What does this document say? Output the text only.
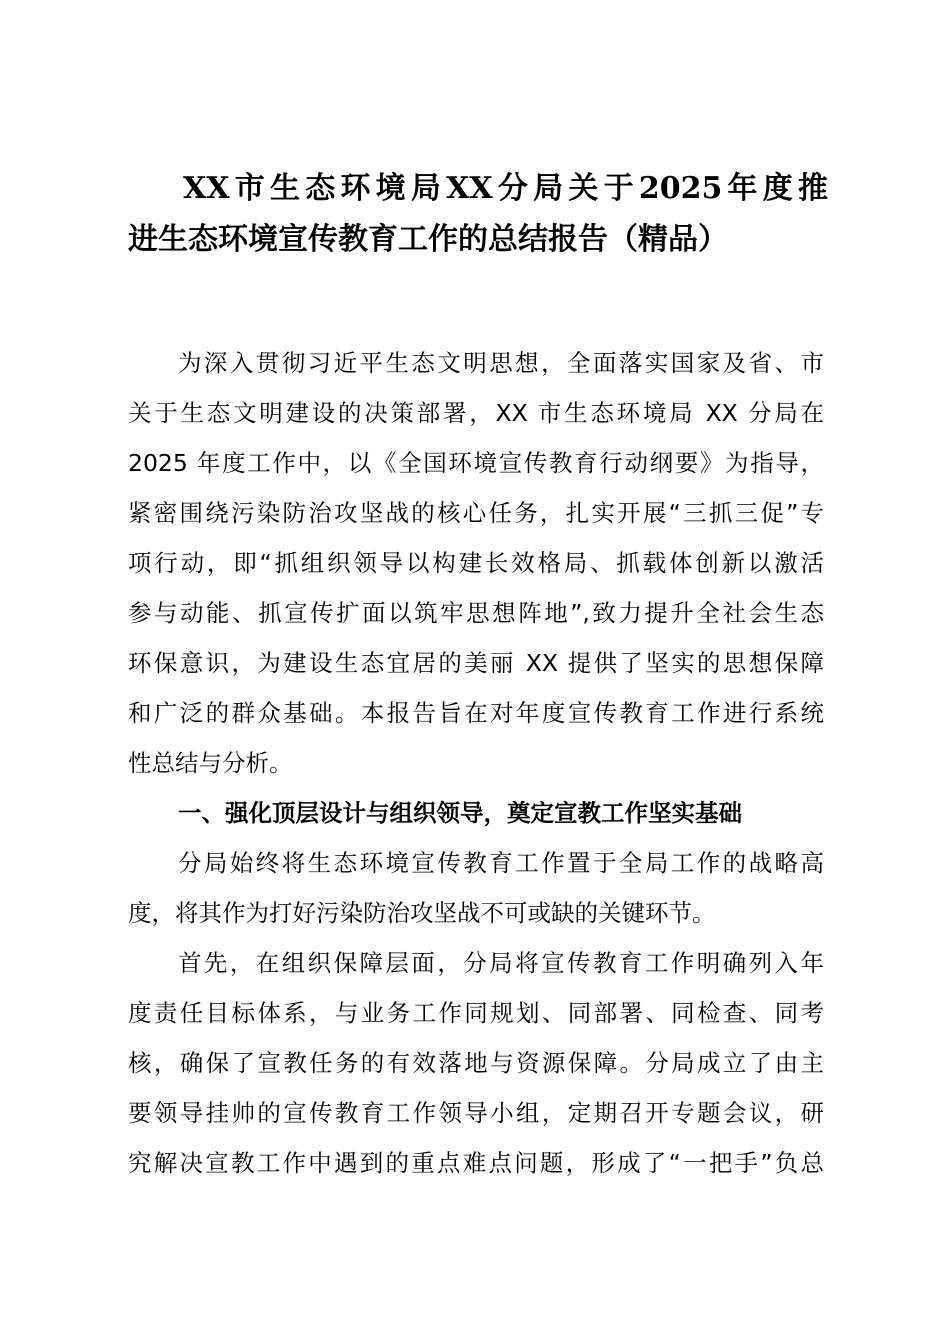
XX市生态环境局XX分局关于2025年度推
进生态环境宣传教育工作的总结报告（精品）
为深入贯彻习近平生态文明思想，全面落实国家及省、市
关于生态文明建设的决策部署，XX 市生态环境局 XX 分局在
2025 年度工作中，以《全国环境宣传教育行动纲要》为指导，
紧密围绕污染防治攻坚战的核心任务，扎实开展“三抓三促”专
项行动，即“抓组织领导以构建长效格局、抓载体创新以激活
参与动能、抓宣传扩面以筑牢思想阵地”,致力提升全社会生态
环保意识，为建设生态宜居的美丽 XX 提供了坚实的思想保障
和广泛的群众基础。本报告旨在对年度宣传教育工作进行系统
性总结与分析。
一、强化顶层设计与组织领导，奠定宣教工作坚实基础
分局始终将生态环境宣传教育工作置于全局工作的战略高
度，将其作为打好污染防治攻坚战不可或缺的关键环节。
首先，在组织保障层面，分局将宣传教育工作明确列入年
度责任目标体系，与业务工作同规划、同部署、同检查、同考
核，确保了宣教任务的有效落地与资源保障。分局成立了由主
要领导挂帅的宣传教育工作领导小组，定期召开专题会议，研
究解决宣教工作中遇到的重点难点问题，形成了“一把手”负总
